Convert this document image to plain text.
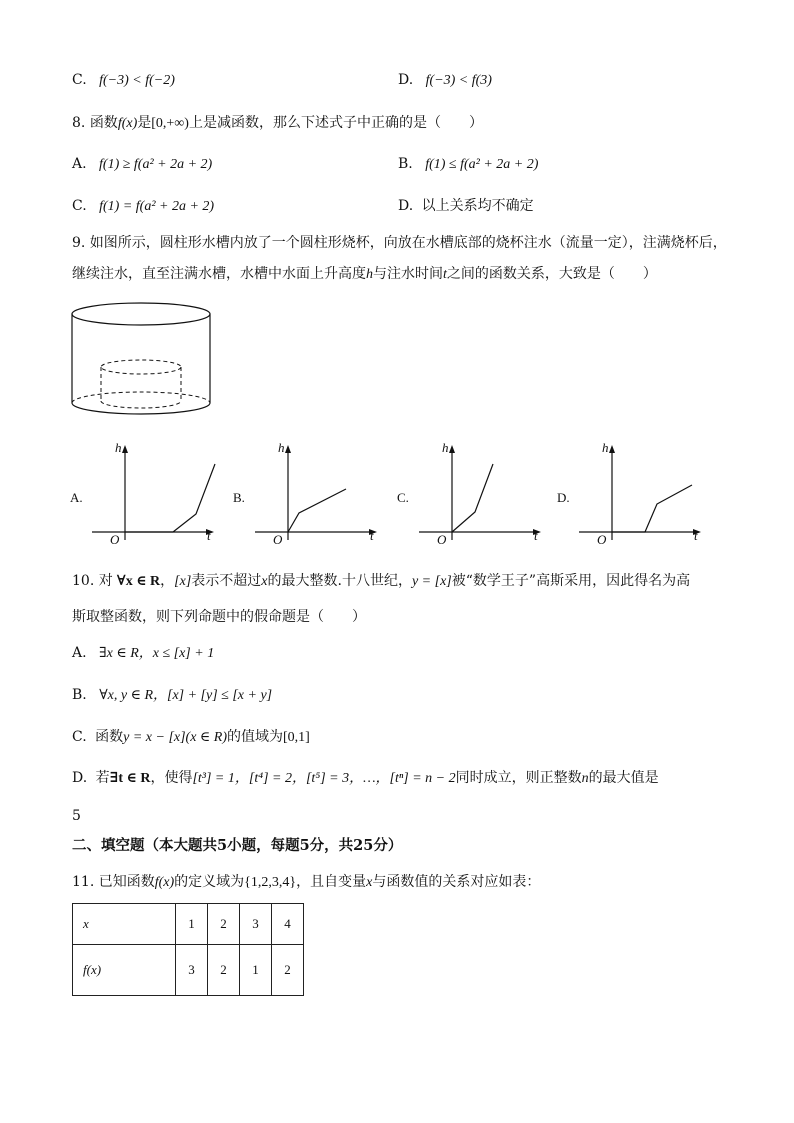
C. f(−3) < f(−2)	D. f(−3) < f(3)
8. 函数f(x)是[0,+∞)上是减函数，那么下述式子中正确的是（　　）
A. f(1) ≥ f(a² + 2a + 2)	B. f(1) ≤ f(a² + 2a + 2)
C. f(1) = f(a² + 2a + 2)	D. 以上关系均不确定
9. 如图所示，圆柱形水槽内放了一个圆柱形烧杯，向放在水槽底部的烧杯注水（流量一定），注满烧杯后，
继续注水，直至注满水槽，水槽中水面上升高度h与注水时间t之间的函数关系，大致是（　　）
A.
h
t
O
B.
h
t
O
C.
h
t
O
D.
h
t
O
10. 对 ∀x ∈ R，[x]表示不超过x的最大整数.十八世纪，y = [x]被“数学王子”高斯采用，因此得名为高
斯取整函数，则下列命题中的假命题是（　　）
A. ∃x ∈ R，x ≤ [x] + 1
B. ∀x, y ∈ R，[x] + [y] ≤ [x + y]
C. 函数y = x − [x](x ∈ R)的值域为[0,1]
D. 若∃t ∈ R，使得[t³] = 1，[t⁴] = 2，[t⁵] = 3，…，[tⁿ] = n − 2同时成立，则正整数n的最大值是
5
二、填空题（本大题共5小题，每题5分，共25分）
11. 已知函数f(x)的定义域为{1,2,3,4}，且自变量x与函数值的关系对应如表：
x	1	2	3	4
f(x)	3	2	1	2
